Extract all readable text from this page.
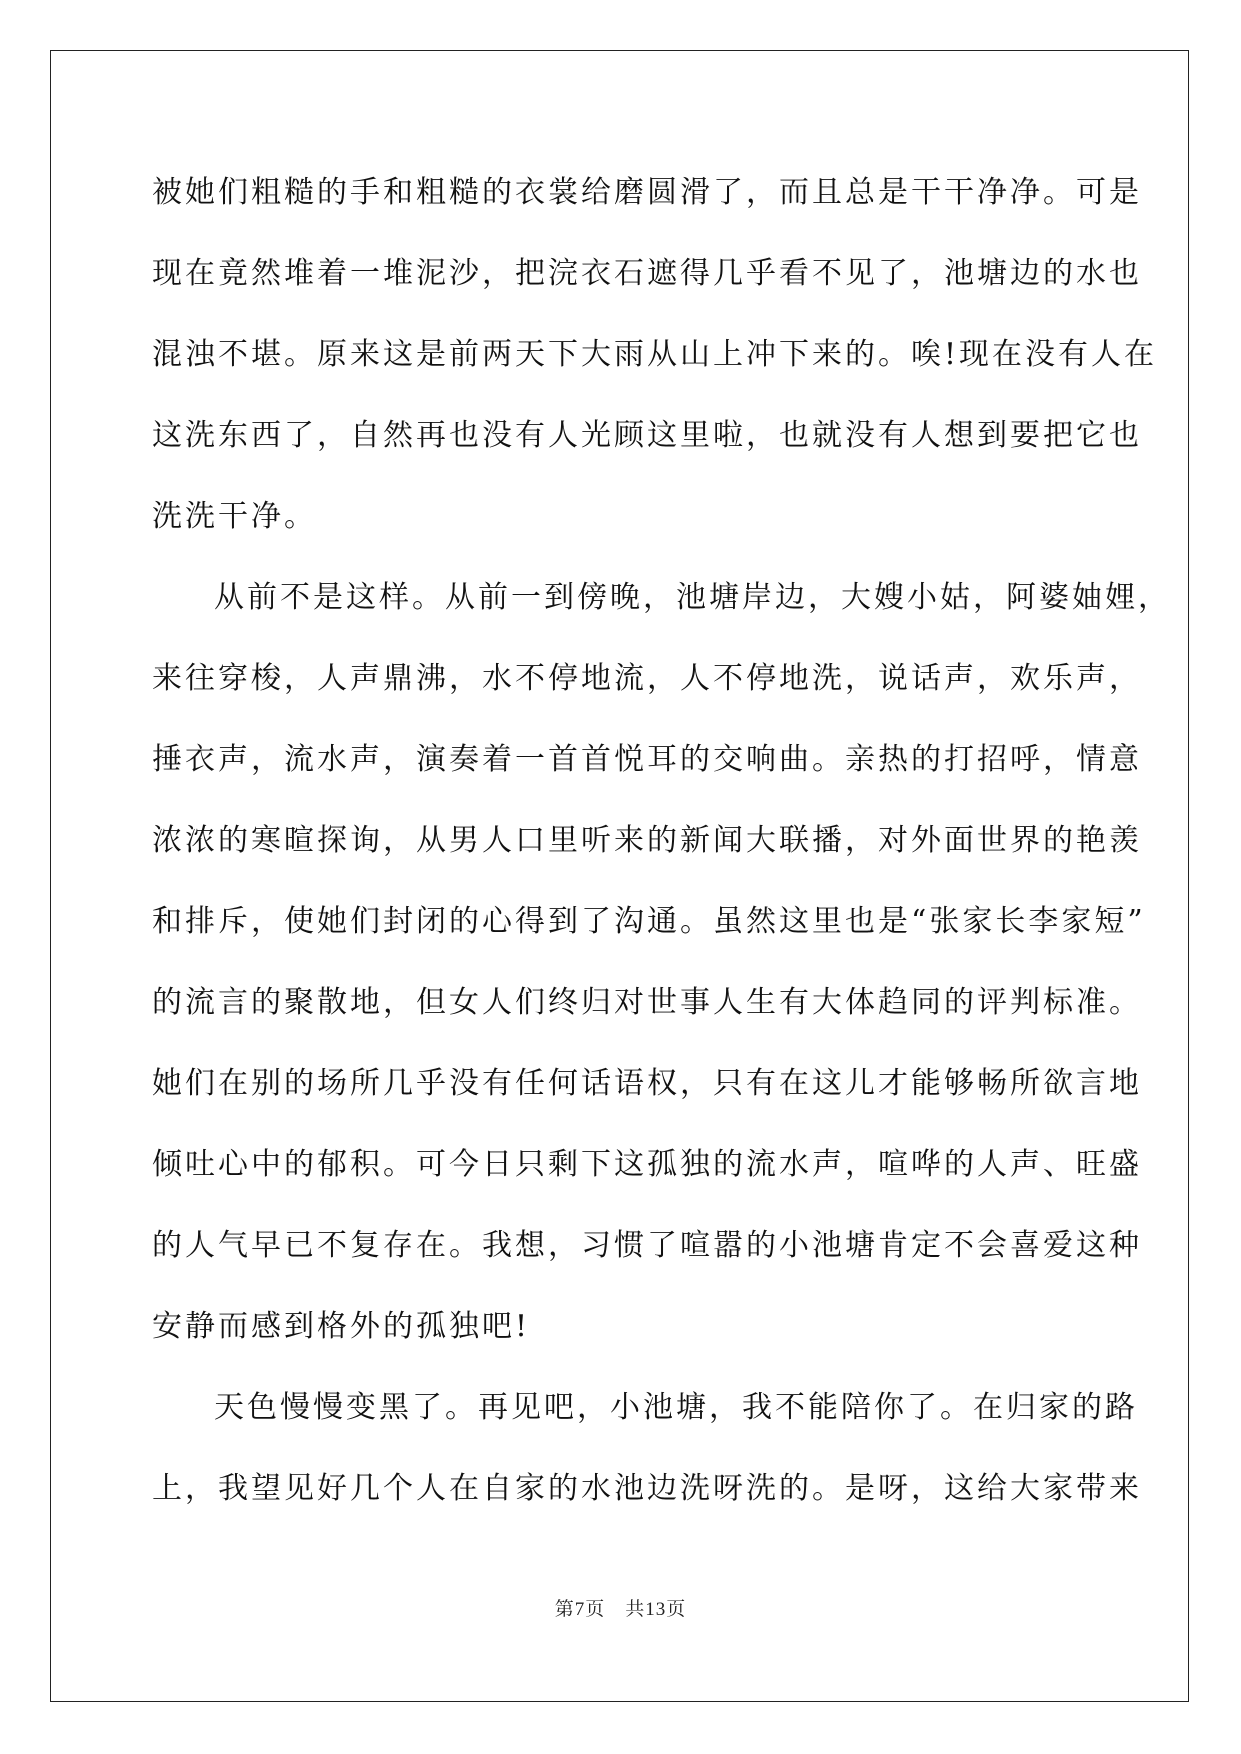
被她们粗糙的手和粗糙的衣裳给磨圆滑了，而且总是干干净净。可是
现在竟然堆着一堆泥沙，把浣衣石遮得几乎看不见了，池塘边的水也
混浊不堪。原来这是前两天下大雨从山上冲下来的。唉!现在没有人在
这洗东西了，自然再也没有人光顾这里啦，也就没有人想到要把它也
洗洗干净。
从前不是这样。从前一到傍晚，池塘岸边，大嫂小姑，阿婆妯娌，
来往穿梭，人声鼎沸，水不停地流，人不停地洗，说话声，欢乐声，
捶衣声，流水声，演奏着一首首悦耳的交响曲。亲热的打招呼，情意
浓浓的寒暄探询，从男人口里听来的新闻大联播，对外面世界的艳羡
和排斥，使她们封闭的心得到了沟通。虽然这里也是“张家长李家短”
的流言的聚散地，但女人们终归对世事人生有大体趋同的评判标准。
她们在别的场所几乎没有任何话语权，只有在这儿才能够畅所欲言地
倾吐心中的郁积。可今日只剩下这孤独的流水声，喧哗的人声、旺盛
的人气早已不复存在。我想，习惯了喧嚣的小池塘肯定不会喜爱这种
安静而感到格外的孤独吧!
天色慢慢变黑了。再见吧，小池塘，我不能陪你了。在归家的路
上，我望见好几个人在自家的水池边洗呀洗的。是呀，这给大家带来
第7页　共13页
